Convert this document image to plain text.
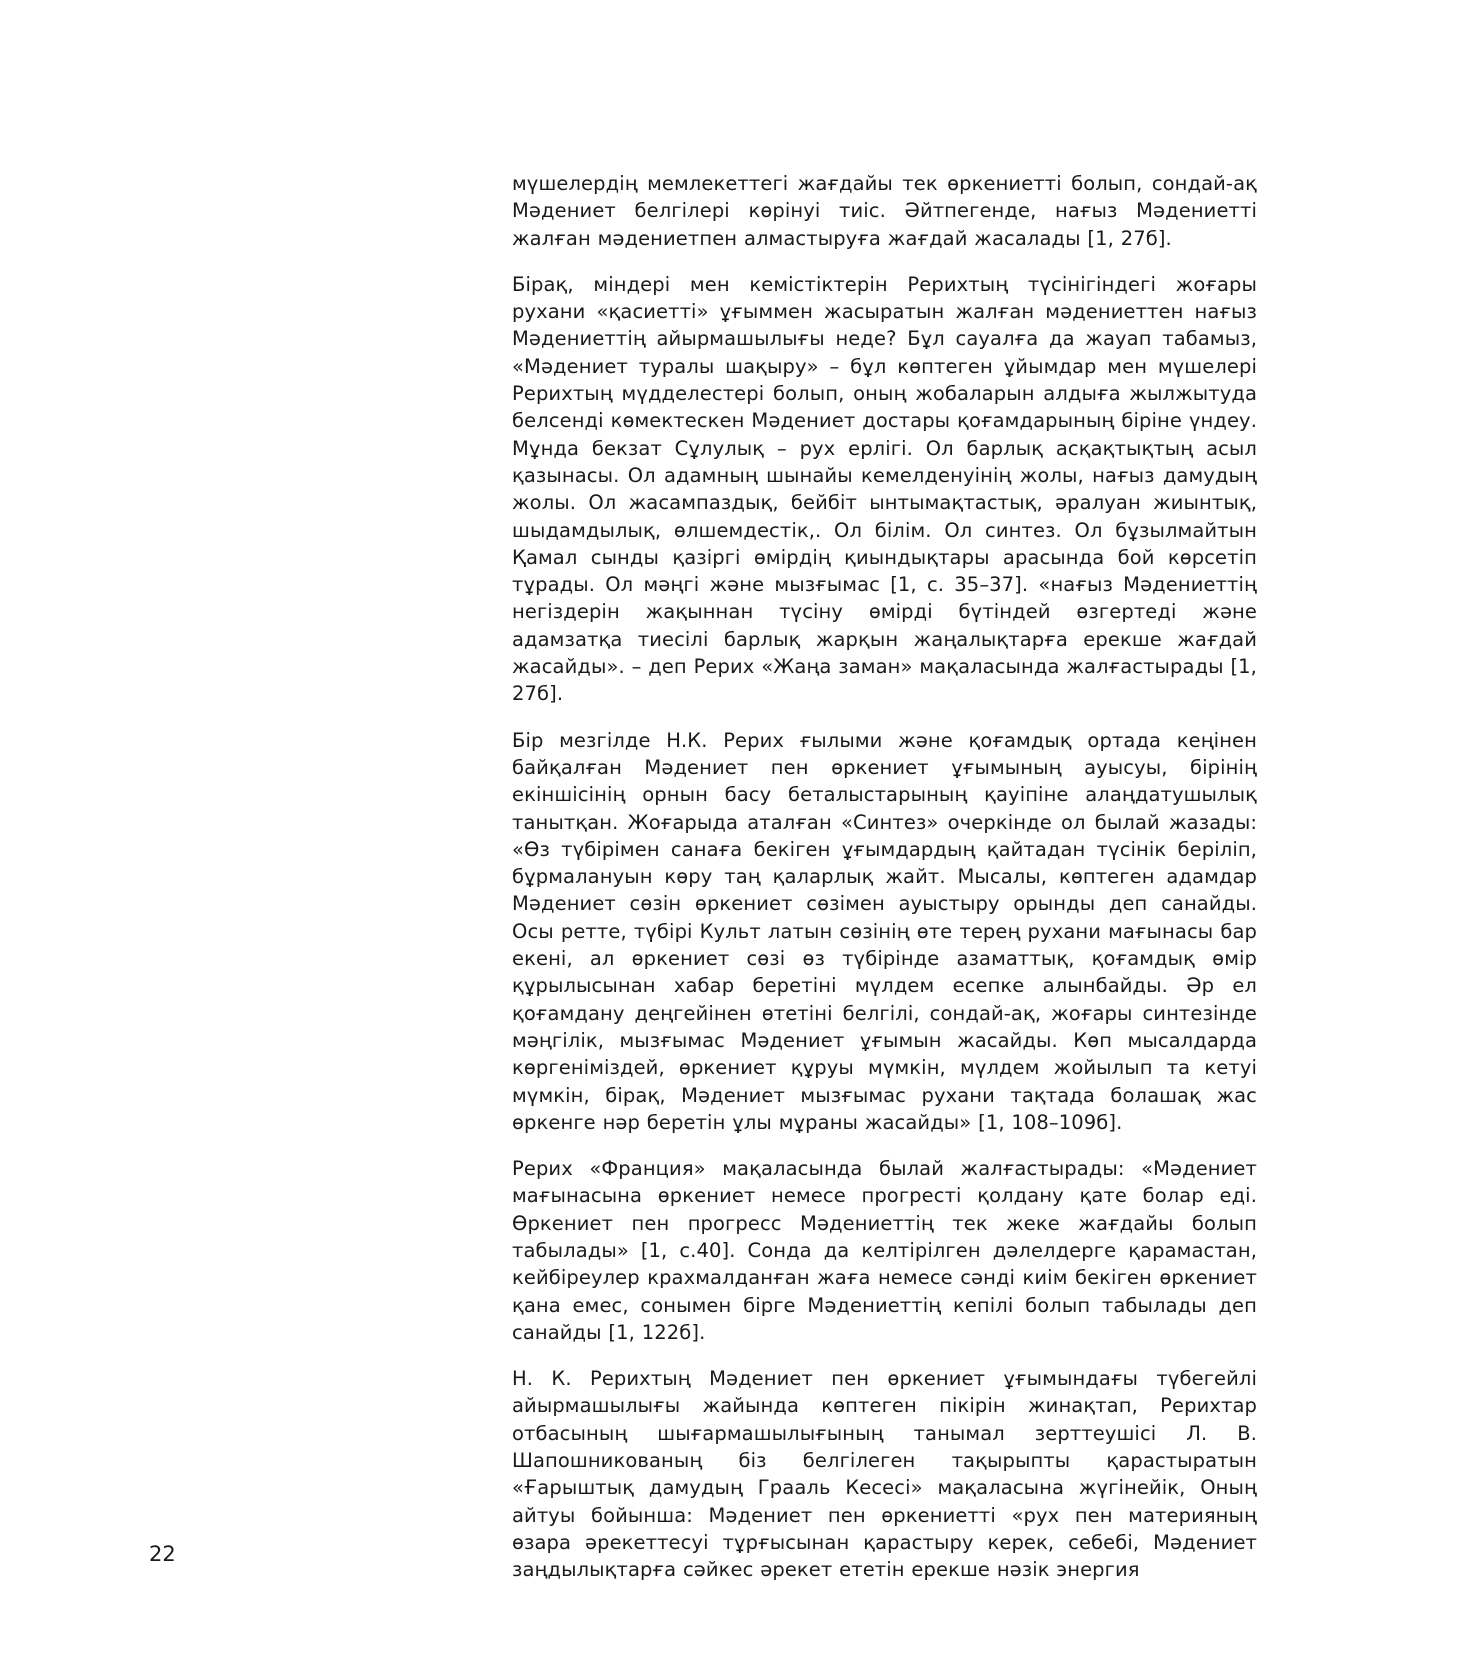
мүшелердің мемлекеттегі жағдайы тек өркениетті болып, сондай-ақ Мәдениет белгілері көрінуі тиіс. Әйтпегенде, нағыз Мәдениетті жалған мәдениетпен алмастыруға жағдай жасалады [1, 27б].

Бірақ, міндері мен кемістіктерін Рерихтың түсінігіндегі жоғары рухани «қасиетті» ұғыммен жасыратын жалған мәдениеттен нағыз Мәдениеттің айырмашылығы неде? Бұл сауалға да жауап табамыз, «Мәдениет туралы шақыру» – бұл көптеген ұйымдар мен мүшелері Рерихтың мүдделестері болып, оның жобаларын алдыға жылжытуда белсенді көмектескен Мәдениет достары қоғамдарының біріне үндеу. Мұнда бекзат Сұлулық – рух ерлігі. Ол барлық асқақтықтың асыл қазынасы. Ол адамның шынайы кемелденуінің жолы, нағыз дамудың жолы. Ол жасампаздық, бейбіт ынтымақтастық, әралуан жиынтық, шыдамдылық, өлшемдестік,. Ол білім. Ол синтез. Ол бұзылмайтын Қамал сынды қазіргі өмірдің қиындықтары арасында бой көрсетіп тұрады. Ол мәңгі және мызғымас [1, с. 35–37]. «нағыз Мәдениеттің негіздерін жақыннан түсіну өмірді бүтіндей өзгертеді және адамзатқа тиесілі барлық жарқын жаңалықтарға ерекше жағдай жасайды». – деп Рерих «Жаңа заман» мақаласында жалғастырады [1, 27б].

Бір мезгілде Н.К. Рерих ғылыми және қоғамдық ортада кеңінен байқалған Мәдениет пен өркениет ұғымының ауысуы, бірінің екіншісінің орнын басу беталыстарының қауіпіне алаңдатушылық танытқан. Жоғарыда аталған «Синтез» очеркінде ол былай жазады: «Өз түбірімен санаға бекіген ұғымдардың қайтадан түсінік беріліп, бұрмалануын көру таң қаларлық жайт. Мысалы, көптеген адамдар Мәдениет сөзін өркениет сөзімен ауыстыру орынды деп санайды. Осы ретте, түбірі Культ латын сөзінің өте терең рухани мағынасы бар екені, ал өркениет сөзі өз түбірінде азаматтық, қоғамдық өмір құрылысынан хабар беретіні мүлдем есепке алынбайды. Әр ел қоғамдану деңгейінен өтетіні белгілі, сондай-ақ, жоғары синтезінде мәңгілік, мызғымас Мәдениет ұғымын жасайды. Көп мысалдарда көргеніміздей, өркениет құруы мүмкін, мүлдем жойылып та кетуі мүмкін, бірақ, Мәдениет мызғымас рухани тақтада болашақ жас өркенге нәр беретін ұлы мұраны жасайды» [1, 108–109б].

Рерих «Франция» мақаласында былай жалғастырады: «Мәдениет мағынасына өркениет немесе прогресті қолдану қате болар еді. Өркениет пен прогресс Мәдениеттің тек жеке жағдайы болып табылады» [1, с.40]. Сонда да келтірілген дәлелдерге қарамастан, кейбіреулер крахмалданған жаға немесе сәнді киім бекіген өркениет қана емес, сонымен бірге Мәдениеттің кепілі болып табылады деп санайды [1, 122б].

Н. К. Рерихтың Мәдениет пен өркениет ұғымындағы түбегейлі айырмашылығы жайында көптеген пікірін жинақтап, Рерихтар отбасының шығармашылығының танымал зерттеушісі Л. В. Шапошникованың біз белгілеген тақырыпты қарастыратын «Ғарыштық дамудың Грааль Кесесі» мақаласына жүгінейік, Оның айтуы бойынша: Мәдениет пен өркениетті «рух пен материяның өзара әрекеттесуі тұрғысынан қарастыру керек, себебі, Мәдениет заңдылықтарға сәйкес әрекет ететін ерекше нәзік энергия

22
